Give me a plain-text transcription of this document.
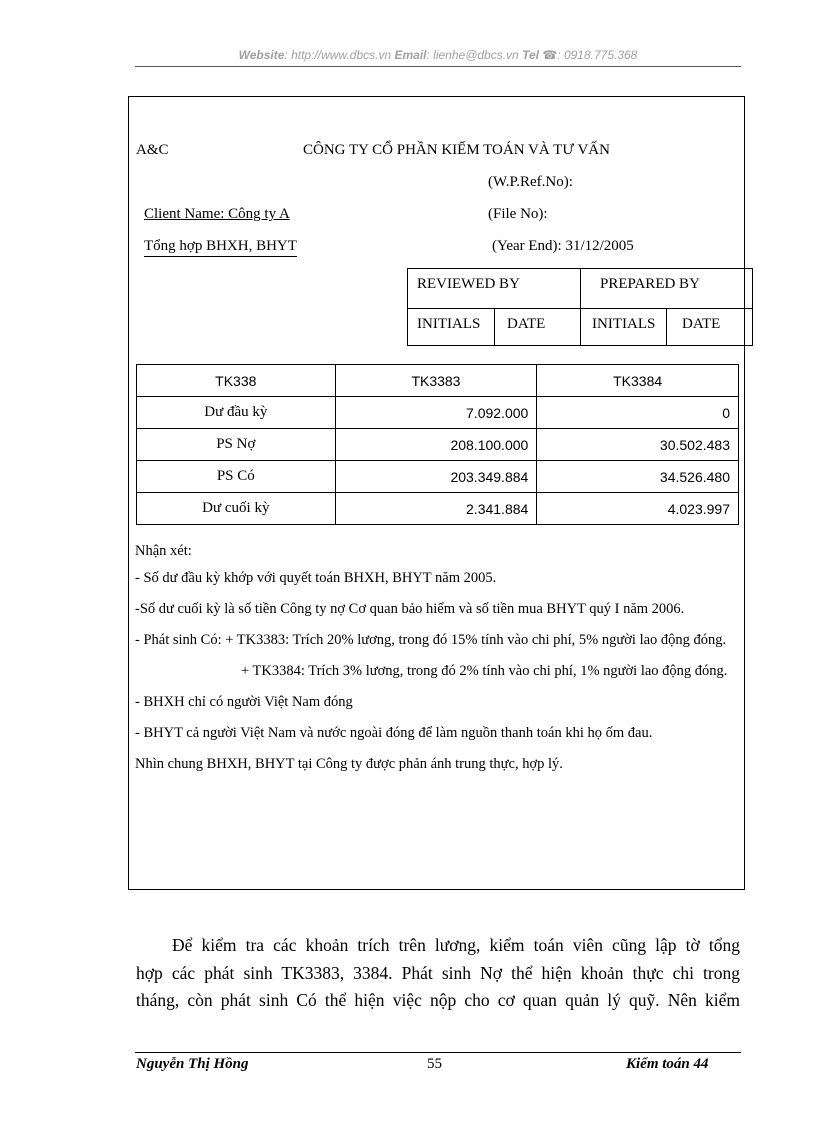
Website: http://www.dbcs.vn Email: lienhe@dbcs.vn Tel ☎: 0918.775.368
A&C	CÔNG TY CỔ PHẦN KIỂM TOÁN VÀ TƯ VẤN
(W.P.Ref.No):
Client Name: Công ty A	(File No):
Tổng hợp BHXH, BHYT	(Year End): 31/12/2005
REVIEWED BY	PREPARED BY
INITIALS DATE	INITIALS DATE
TK338	TK3383	TK3384
Dư đầu kỳ	7.092.000	0
PS Nợ	208.100.000	30.502.483
PS Có	203.349.884	34.526.480
Dư cuối kỳ	2.341.884	4.023.997

Nhận xét:

- Số dư đầu kỳ khớp với quyết toán BHXH, BHYT năm 2005.

-Số dư cuối kỳ là số tiền Công ty nợ Cơ quan bảo hiểm và số tiền mua BHYT quý I năm 2006.

- Phát sinh Có: + TK3383: Trích 20% lương, trong đó 15% tính vào chi phí, 5% người lao động đóng.

+ TK3384: Trích 3% lương, trong đó 2% tính vào chi phí, 1% người lao động đóng.

- BHXH chỉ có người Việt Nam đóng

- BHYT cả người Việt Nam và nước ngoài đóng để làm nguồn thanh toán khi họ ốm đau.

Nhìn chung BHXH, BHYT tại Công ty được phản ánh trung thực, hợp lý.

Để kiểm tra các khoản trích trên lương, kiểm toán viên cũng lập tờ tổng
hợp các phát sinh TK3383, 3384. Phát sinh Nợ thể hiện khoản thực chi trong
tháng, còn phát sinh Có thể hiện việc nộp cho cơ quan quản lý quỹ. Nên kiểm
Nguyễn Thị Hồng	55	Kiểm toán 44
